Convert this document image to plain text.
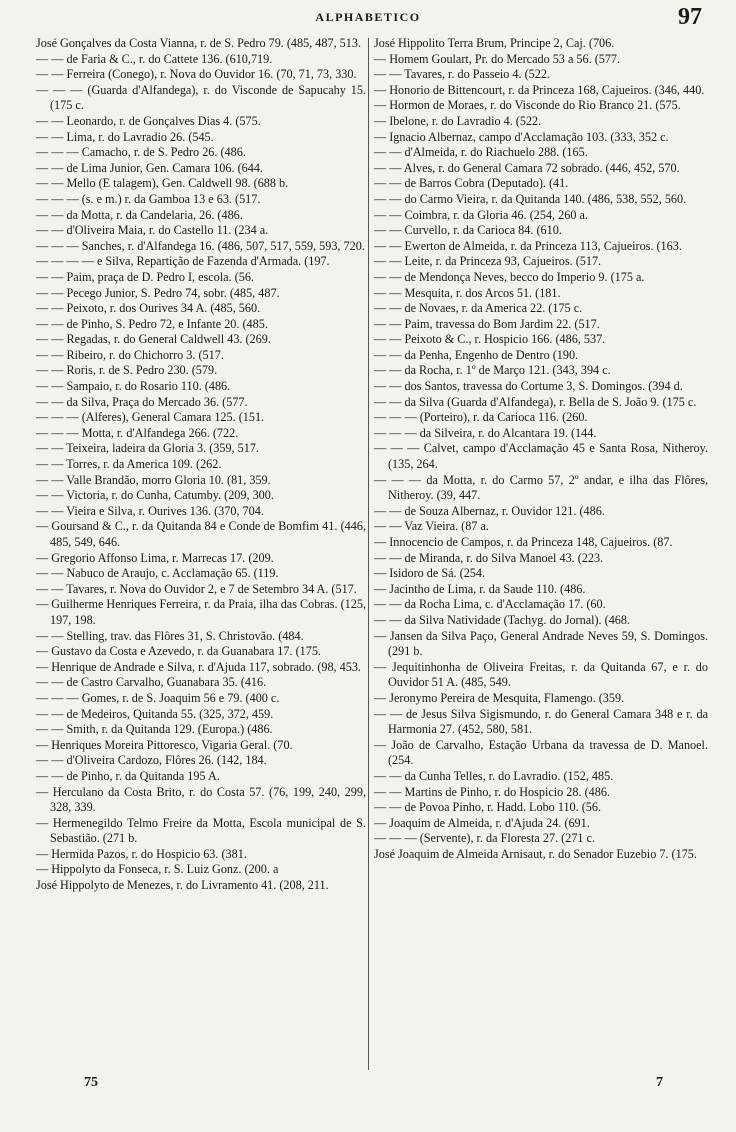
ALPHABETICO	97

José Gonçalves da Costa Vianna, r. de S. Pedro 79. (485, 487, 513.

— — de Faria & C., r. do Cattete 136. (610,719.

— — Ferreira (Conego), r. Nova do Ouvidor 16. (70, 71, 73, 330.

— — — (Guarda d'Alfandega), r. do Visconde de Sapucahy 15. (175 c.

— — Leonardo, r. de Gonçalves Dias 4. (575.

— — Lima, r. do Lavradio 26. (545.

— — — Camacho, r. de S. Pedro 26. (486.

— — de Lima Junior, Gen. Camara 106. (644.

— — Mello (E talagem), Gen. Caldwell 98. (688 b.

— — — (s. e m.) r. da Gamboa 13 e 63. (517.

— — da Motta, r. da Candelaria, 26. (486.

— — d'Oliveira Maia, r. do Castello 11. (234 a.

— — — Sanches, r. d'Alfandega 16. (486, 507, 517, 559, 593, 720.

— — — — e Silva, Repartição de Fazenda d'Armada. (197.

— — Paim, praça de D. Pedro I, escola. (56.

— — Pecego Junior, S. Pedro 74, sobr. (485, 487.

— — Peixoto, r. dos Ourives 34 A. (485, 560.

— — de Pinho, S. Pedro 72, e Infante 20. (485.

— — Regadas, r. do General Caldwell 43. (269.

— — Ribeiro, r. do Chichorro 3. (517.

— — Roris, r. de S. Pedro 230. (579.

— — Sampaio, r. do Rosario 110. (486.

— — da Silva, Praça do Mercado 36. (577.

— — — (Alferes), General Camara 125. (151.

— — — Motta, r. d'Alfandega 266. (722.

— — Teixeira, ladeira da Gloria 3. (359, 517.

— — Torres, r. da America 109. (262.

— — Valle Brandão, morro Gloria 10. (81, 359.

— — Victoria, r. do Cunha, Catumby. (209, 300.

— — Vieira e Silva, r. Ourives 136. (370, 704.

— Goursand & C., r. da Quitanda 84 e Conde de Bomfim 41. (446, 485, 549, 646.

— Gregorio Affonso Lima, r. Marrecas 17. (209.

— — Nabuco de Araujo, c. Acclamação 65. (119.

— — Tavares, r. Nova do Ouvidor 2, e 7 de Setembro 34 A. (517.

— Guilherme Henriques Ferreira, r. da Praia, ilha das Cobras. (125, 197, 198.

— — Stelling, trav. das Flôres 31, S. Christovão. (484.

— Gustavo da Costa e Azevedo, r. da Guanabara 17. (175.

— Henrique de Andrade e Silva, r. d'Ajuda 117, sobrado. (98, 453.

— — de Castro Carvalho, Guanabara 35. (416.

— — — Gomes, r. de S. Joaquim 56 e 79. (400 c.

— — de Medeiros, Quitanda 55. (325, 372, 459.

— — Smith, r. da Quitanda 129. (Europa.) (486.

— Henriques Moreira Pittoresco, Vigaria Geral. (70.

— — d'Oliveira Cardozo, Flôres 26. (142, 184.

— — de Pinho, r. da Quitanda 195 A.

— Herculano da Costa Brito, r. do Costa 57. (76, 199, 240, 299, 328, 339.

— Hermenegildo Telmo Freire da Motta, Escola municipal de S. Sebastião. (271 b.

— Hermida Pazos, r. do Hospicio 63. (381.

— Hippolyto da Fonseca, r. S. Luiz Gonz. (200. a

José Hippolyto de Menezes, r. do Livramento 41. (208, 211.

José Hippolito Terra Brum, Principe 2, Caj. (706.

— Homem Goulart, Pr. do Mercado 53 a 56. (577.

— — Tavares, r. do Passeio 4. (522.

— Honorio de Bittencourt, r. da Princeza 168, Cajueiros. (346, 440.

— Hormon de Moraes, r. do Visconde do Rio Branco 21. (575.

— Ibelone, r. do Lavradio 4. (522.

— Ignacio Albernaz, campo d'Acclamação 103. (333, 352 c.

— — d'Almeida, r. do Riachuelo 288. (165.

— — Alves, r. do General Camara 72 sobrado. (446, 452, 570.

— — de Barros Cobra (Deputado). (41.

— — do Carmo Vieira, r. da Quitanda 140. (486, 538, 552, 560.

— — Coimbra, r. da Gloria 46. (254, 260 a.

— — Curvello, r. da Carioca 84. (610.

— — Ewerton de Almeida, r. da Princeza 113, Cajueiros. (163.

— — Leite, r. da Princeza 93, Cajueiros. (517.

— — de Mendonça Neves, becco do Imperio 9. (175 a.

— — Mesquita, r. dos Arcos 51. (181.

— — de Novaes, r. da America 22. (175 c.

— — Paim, travessa do Bom Jardim 22. (517.

— — Peixoto & C., r. Hospicio 166. (486, 537.

— — da Penha, Engenho de Dentro (190.

— — da Rocha, r. 1º de Março 121. (343, 394 c.

— — dos Santos, travessa do Cortume 3, S. Domingos. (394 d.

— — da Silva (Guarda d'Alfandega), r. Bella de S. João 9. (175 c.

— — — (Porteiro), r. da Carioca 116. (260.

— — — da Silveira, r. do Alcantara 19. (144.

— — — Calvet, campo d'Acclamação 45 e Santa Rosa, Nitheroy. (135, 264.

— — — da Motta, r. do Carmo 57, 2º andar, e ilha das Flôres, Nitheroy. (39, 447.

— — de Souza Albernaz, r. Ouvidor 121. (486.

— — Vaz Vieira. (87 a.

— Innocencio de Campos, r. da Princeza 148, Cajueiros. (87.

— — de Miranda, r. do Silva Manoel 43. (223.

— Isidoro de Sá. (254.

— Jacintho de Lima, r. da Saude 110. (486.

— — da Rocha Lima, c. d'Acclamação 17. (60.

— — da Silva Natividade (Tachyg. do Jornal). (468.

— Jansen da Silva Paço, General Andrade Neves 59, S. Domingos. (291 b.

— Jequitinhonha de Oliveira Freitas, r. da Quitanda 67, e r. do Ouvidor 51 A. (485, 549.

— Jeronymo Pereira de Mesquita, Flamengo. (359.

— — de Jesus Silva Sigismundo, r. do General Camara 348 e r. da Harmonia 27. (452, 580, 581.

— João de Carvalho, Estação Urbana da travessa de D. Manoel. (254.

— — da Cunha Telles, r. do Lavradio. (152, 485.

— — Martins de Pinho, r. do Hospicio 28. (486.

— — de Povoa Pinho, r. Hadd. Lobo 110. (56.

— Joaquim de Almeida, r. d'Ajuda 24. (691.

— — — (Servente), r. da Floresta 27. (271 c.

José Joaquim de Almeida Arnisaut, r. do Senador Euzebio 7. (175.

75	7
